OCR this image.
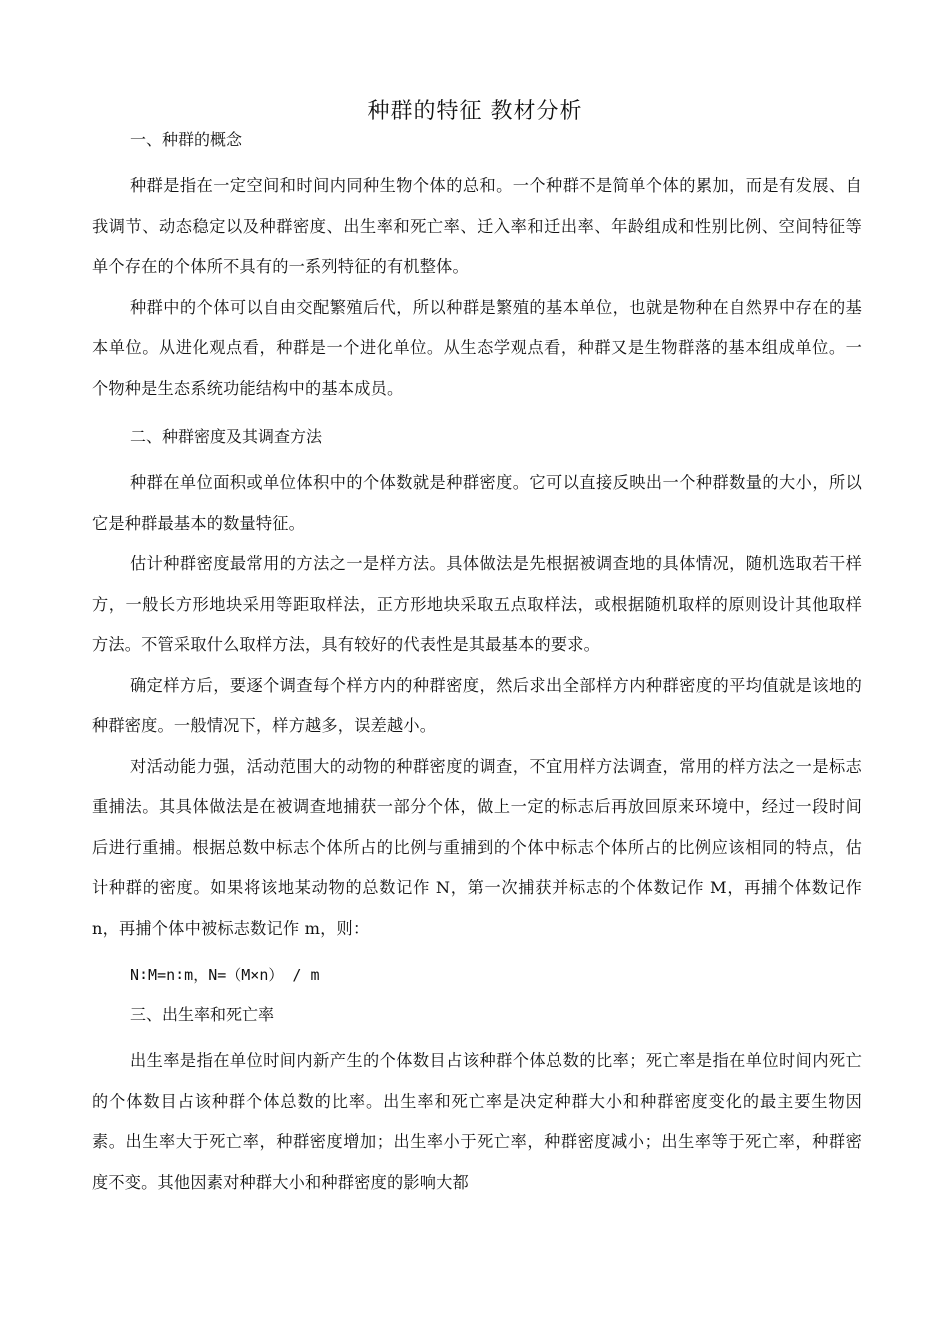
种群的特征 教材分析

一、种群的概念

种群是指在一定空间和时间内同种生物个体的总和。一个种群不是简单个体的累加，而是有发展、自我调节、动态稳定以及种群密度、出生率和死亡率、迁入率和迁出率、年龄组成和性别比例、空间特征等单个存在的个体所不具有的一系列特征的有机整体。

种群中的个体可以自由交配繁殖后代，所以种群是繁殖的基本单位，也就是物种在自然界中存在的基本单位。从进化观点看，种群是一个进化单位。从生态学观点看，种群又是生物群落的基本组成单位。一个物种是生态系统功能结构中的基本成员。

二、种群密度及其调查方法

种群在单位面积或单位体积中的个体数就是种群密度。它可以直接反映出一个种群数量的大小，所以它是种群最基本的数量特征。

估计种群密度最常用的方法之一是样方法。具体做法是先根据被调查地的具体情况，随机选取若干样方，一般长方形地块采用等距取样法，正方形地块采取五点取样法，或根据随机取样的原则设计其他取样方法。不管采取什么取样方法，具有较好的代表性是其最基本的要求。

确定样方后，要逐个调查每个样方内的种群密度，然后求出全部样方内种群密度的平均值就是该地的种群密度。一般情况下，样方越多，误差越小。

对活动能力强，活动范围大的动物的种群密度的调查，不宜用样方法调查，常用的样方法之一是标志重捕法。其具体做法是在被调查地捕获一部分个体，做上一定的标志后再放回原来环境中，经过一段时间后进行重捕。根据总数中标志个体所占的比例与重捕到的个体中标志个体所占的比例应该相同的特点，估计种群的密度。如果将该地某动物的总数记作 N，第一次捕获并标志的个体数记作 M，再捕个体数记作 n，再捕个体中被标志数记作 m，则：

N∶M=n∶m，N=（M×n） / m

三、出生率和死亡率

出生率是指在单位时间内新产生的个体数目占该种群个体总数的比率；死亡率是指在单位时间内死亡的个体数目占该种群个体总数的比率。出生率和死亡率是决定种群大小和种群密度变化的最主要生物因素。出生率大于死亡率，种群密度增加；出生率小于死亡率，种群密度减小；出生率等于死亡率，种群密度不变。其他因素对种群大小和种群密度的影响大都
